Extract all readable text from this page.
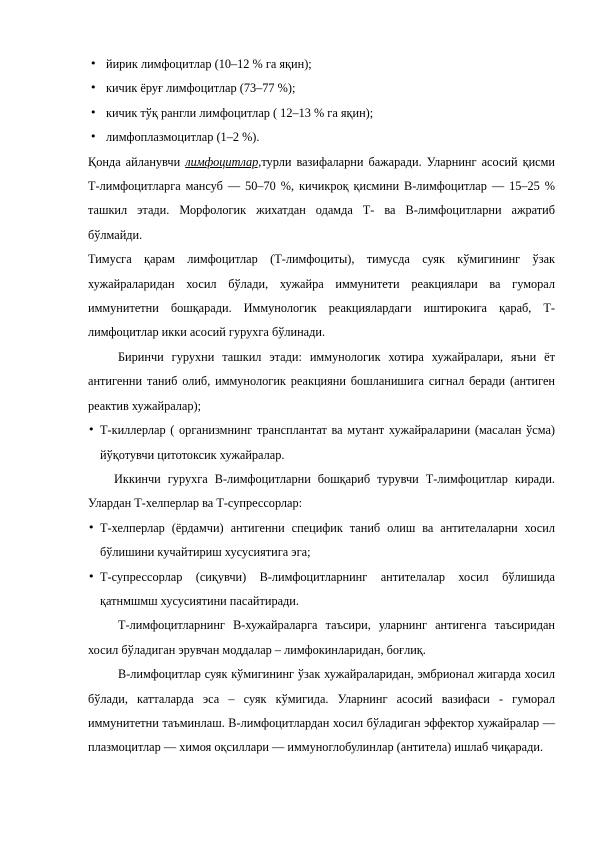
• йирик лимфоцитлар (10–12 % га яқин);
• кичик ёруғ лимфоцитлар (73–77 %);
• кичик тўқ рангли лимфоцитлар ( 12–13 % га яқин);
• лимфоплазмоцитлар (1–2 %).

Қонда айланувчи лимфоцитлар,турли вазифаларни бажаради. Уларнинг асосий қисми Т-лимфоцитларга мансуб — 50–70 %, кичикроқ қисмини В-лимфоцитлар — 15–25 % ташкил этади. Морфологик жихатдан одамда Т- ва В-лимфоцитларни ажратиб бўлмайди.

Тимусга қарам лимфоцитлар (Т-лимфоциты), тимусда суяк кўмигининг ўзак хужайраларидан хосил бўлади, хужайра иммунитети реакциялари ва гуморал иммунитетни бошқаради. Иммунологик реакциялардаги иштирокига қараб, Т-лимфоцитлар икки асосий гурухга бўлинади.

Биринчи гурухни ташкил этади: иммунологик хотира хужайралари, яъни ёт антигенни таниб олиб, иммунологик реакцияни бошланишига сигнал беради (антиген реактив хужайралар);

• Т-киллерлар ( организмнинг трансплантат ва мутант хужайраларини (масалан ўсма) йўқотувчи цитотоксик хужайралар.

Иккинчи гурухга В-лимфоцитларни бошқариб турувчи Т-лимфоцитлар киради. Улардан Т-хелперлар ва Т-супрессорлар:

• Т-хелперлар (ёрдамчи) антигенни специфик таниб олиш ва антителаларни хосил бўлишини кучайтириш хусусиятига эга;
• Т-супрессорлар (сиқувчи) В-лимфоцитларнинг антителалар хосил бўлишида қатнмшмш хусусиятини пасайтиради.

Т-лимфоцитларнинг В-хужайраларга таъсири, уларнинг антигенга таъсиридан хосил бўладиган эрувчан моддалар – лимфокинларидан, боғлиқ.

В-лимфоцитлар суяк кўмигининг ўзак хужайраларидан, эмбрионал жигарда хосил бўлади, катталарда эса – суяк кўмигида. Уларнинг асосий вазифаси - гуморал иммунитетни таъминлаш. В-лимфоцитлардан хосил бўладиган эффектор хужайралар — плазмоцитлар — химоя оқсиллари — иммуноглобулинлар (антитела) ишлаб чиқаради.
